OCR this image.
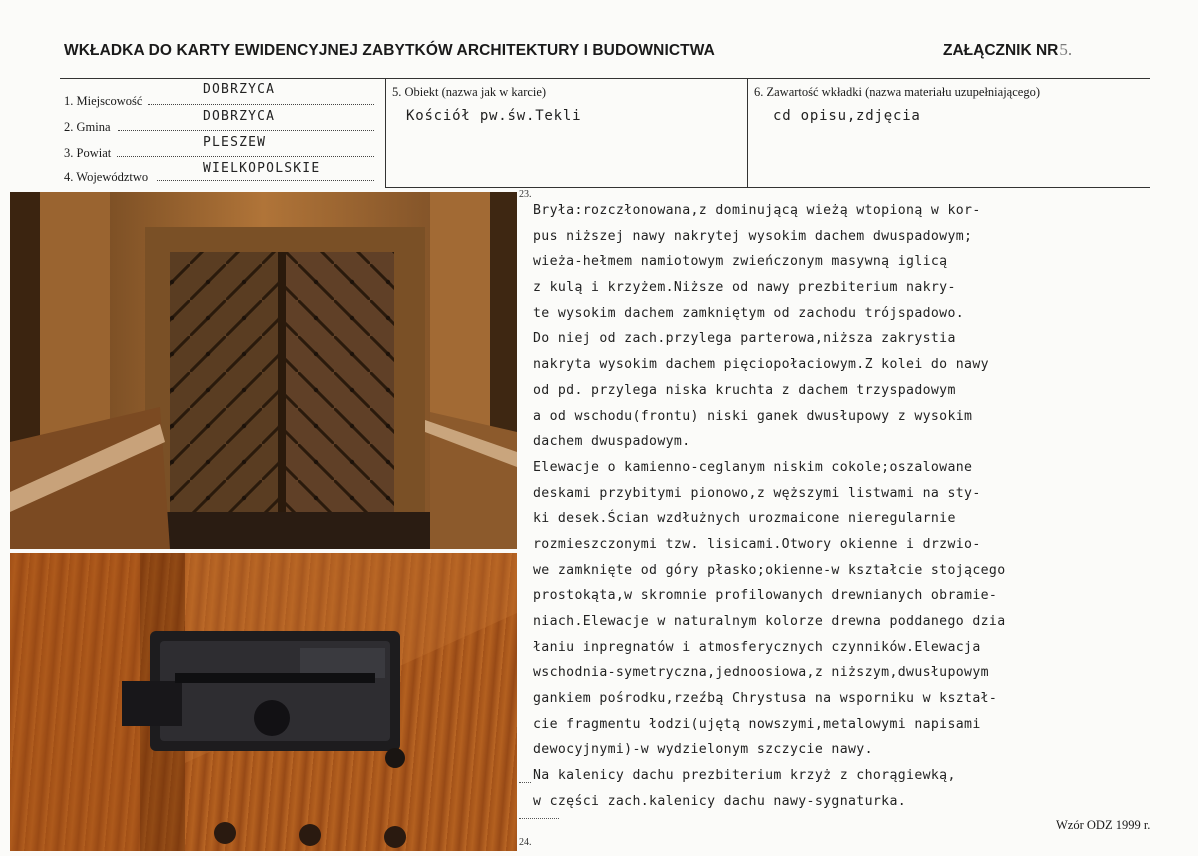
WKŁADKA DO KARTY EWIDENCYJNEJ ZABYTKÓW ARCHITEKTURY I BUDOWNICTWA	ZAŁĄCZNIK NR5.
DOBRZYCA
1. Miejscowość
DOBRZYCA
2. Gmina
PLESZEW
3. Powiat
WIELKOPOLSKIE
4. Województwo
5. Obiekt (nazwa jak w karcie)
Kościół pw.św.Tekli
6. Zawartość wkładki (nazwa materiału uzupełniającego)
cd opisu,zdjęcia
23.
24.
Bryła:rozczłonowana,z dominującą wieżą wtopioną w kor-
pus niższej nawy nakrytej wysokim dachem dwuspadowym;
wieża-hełmem namiotowym zwieńczonym masywną iglicą
z kulą i krzyżem.Niższe od nawy prezbiterium nakry-
te wysokim dachem zamkniętym od zachodu trójspadowo.
Do niej od zach.przylega parterowa,niższa zakrystia
nakryta wysokim dachem pięciopołaciowym.Z kolei do nawy
od pd. przylega niska kruchta z dachem trzyspadowym
a od wschodu(frontu) niski ganek dwusłupowy z wysokim
dachem dwuspadowym.
Elewacje o kamienno-ceglanym niskim cokole;oszalowane
deskami przybitymi pionowo,z węższymi listwami na sty-
ki desek.Ścian wzdłużnych urozmaicone nieregularnie
rozmieszczonymi tzw. lisicami.Otwory okienne i drzwio-
we zamknięte od góry płasko;okienne-w kształcie stojącego
prostokąta,w skromnie profilowanych drewnianych obramie-
niach.Elewacje w naturalnym kolorze drewna poddanego dzia
łaniu inpregnatów i atmosferycznych czynników.Elewacja
wschodnia-symetryczna,jednoosiowa,z niższym,dwusłupowym
gankiem pośrodku,rzeźbą Chrystusa na wsporniku w kształ-
cie fragmentu łodzi(ujętą nowszymi,metalowymi napisami
dewocyjnymi)-w wydzielonym szczycie nawy.
Na kalenicy dachu prezbiterium krzyż z chorągiewką,
w części zach.kalenicy dachu nawy-sygnaturka.
Wzór ODZ 1999 r.
